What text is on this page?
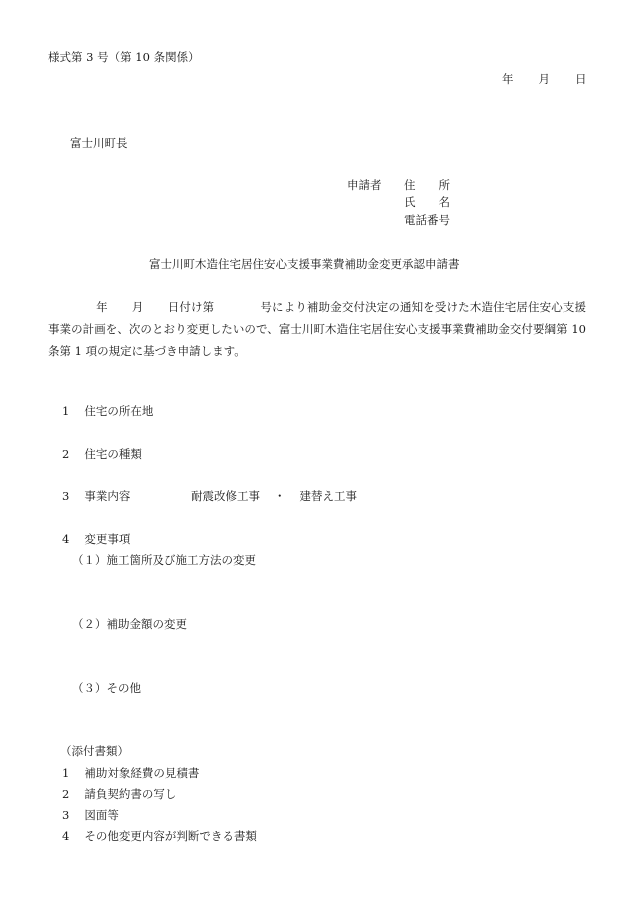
様式第 3 号（第 10 条関係）
年 月 日
富士川町長
申請者 住　　所
氏　　名
電話番号
富士川町木造住宅居住安心支援事業費補助金変更承認申請書
年 月 日付け第	号により補助金交付決定の通知を受けた木造住宅居住安心支援事業の計画を、次のとおり変更したいので、富士川町木造住宅居住安心支援事業費補助金交付要綱第 10 条第 1 項の規定に基づき申請します。
1 住宅の所在地
2 住宅の種類
3 事業内容	耐震改修工事 ・ 建替え工事
4 変更事項
（１）施工箇所及び施工方法の変更
（２）補助金額の変更
（３）その他
（添付書類）
1 補助対象経費の見積書
2 請負契約書の写し
3 図面等
4 その他変更内容が判断できる書類
